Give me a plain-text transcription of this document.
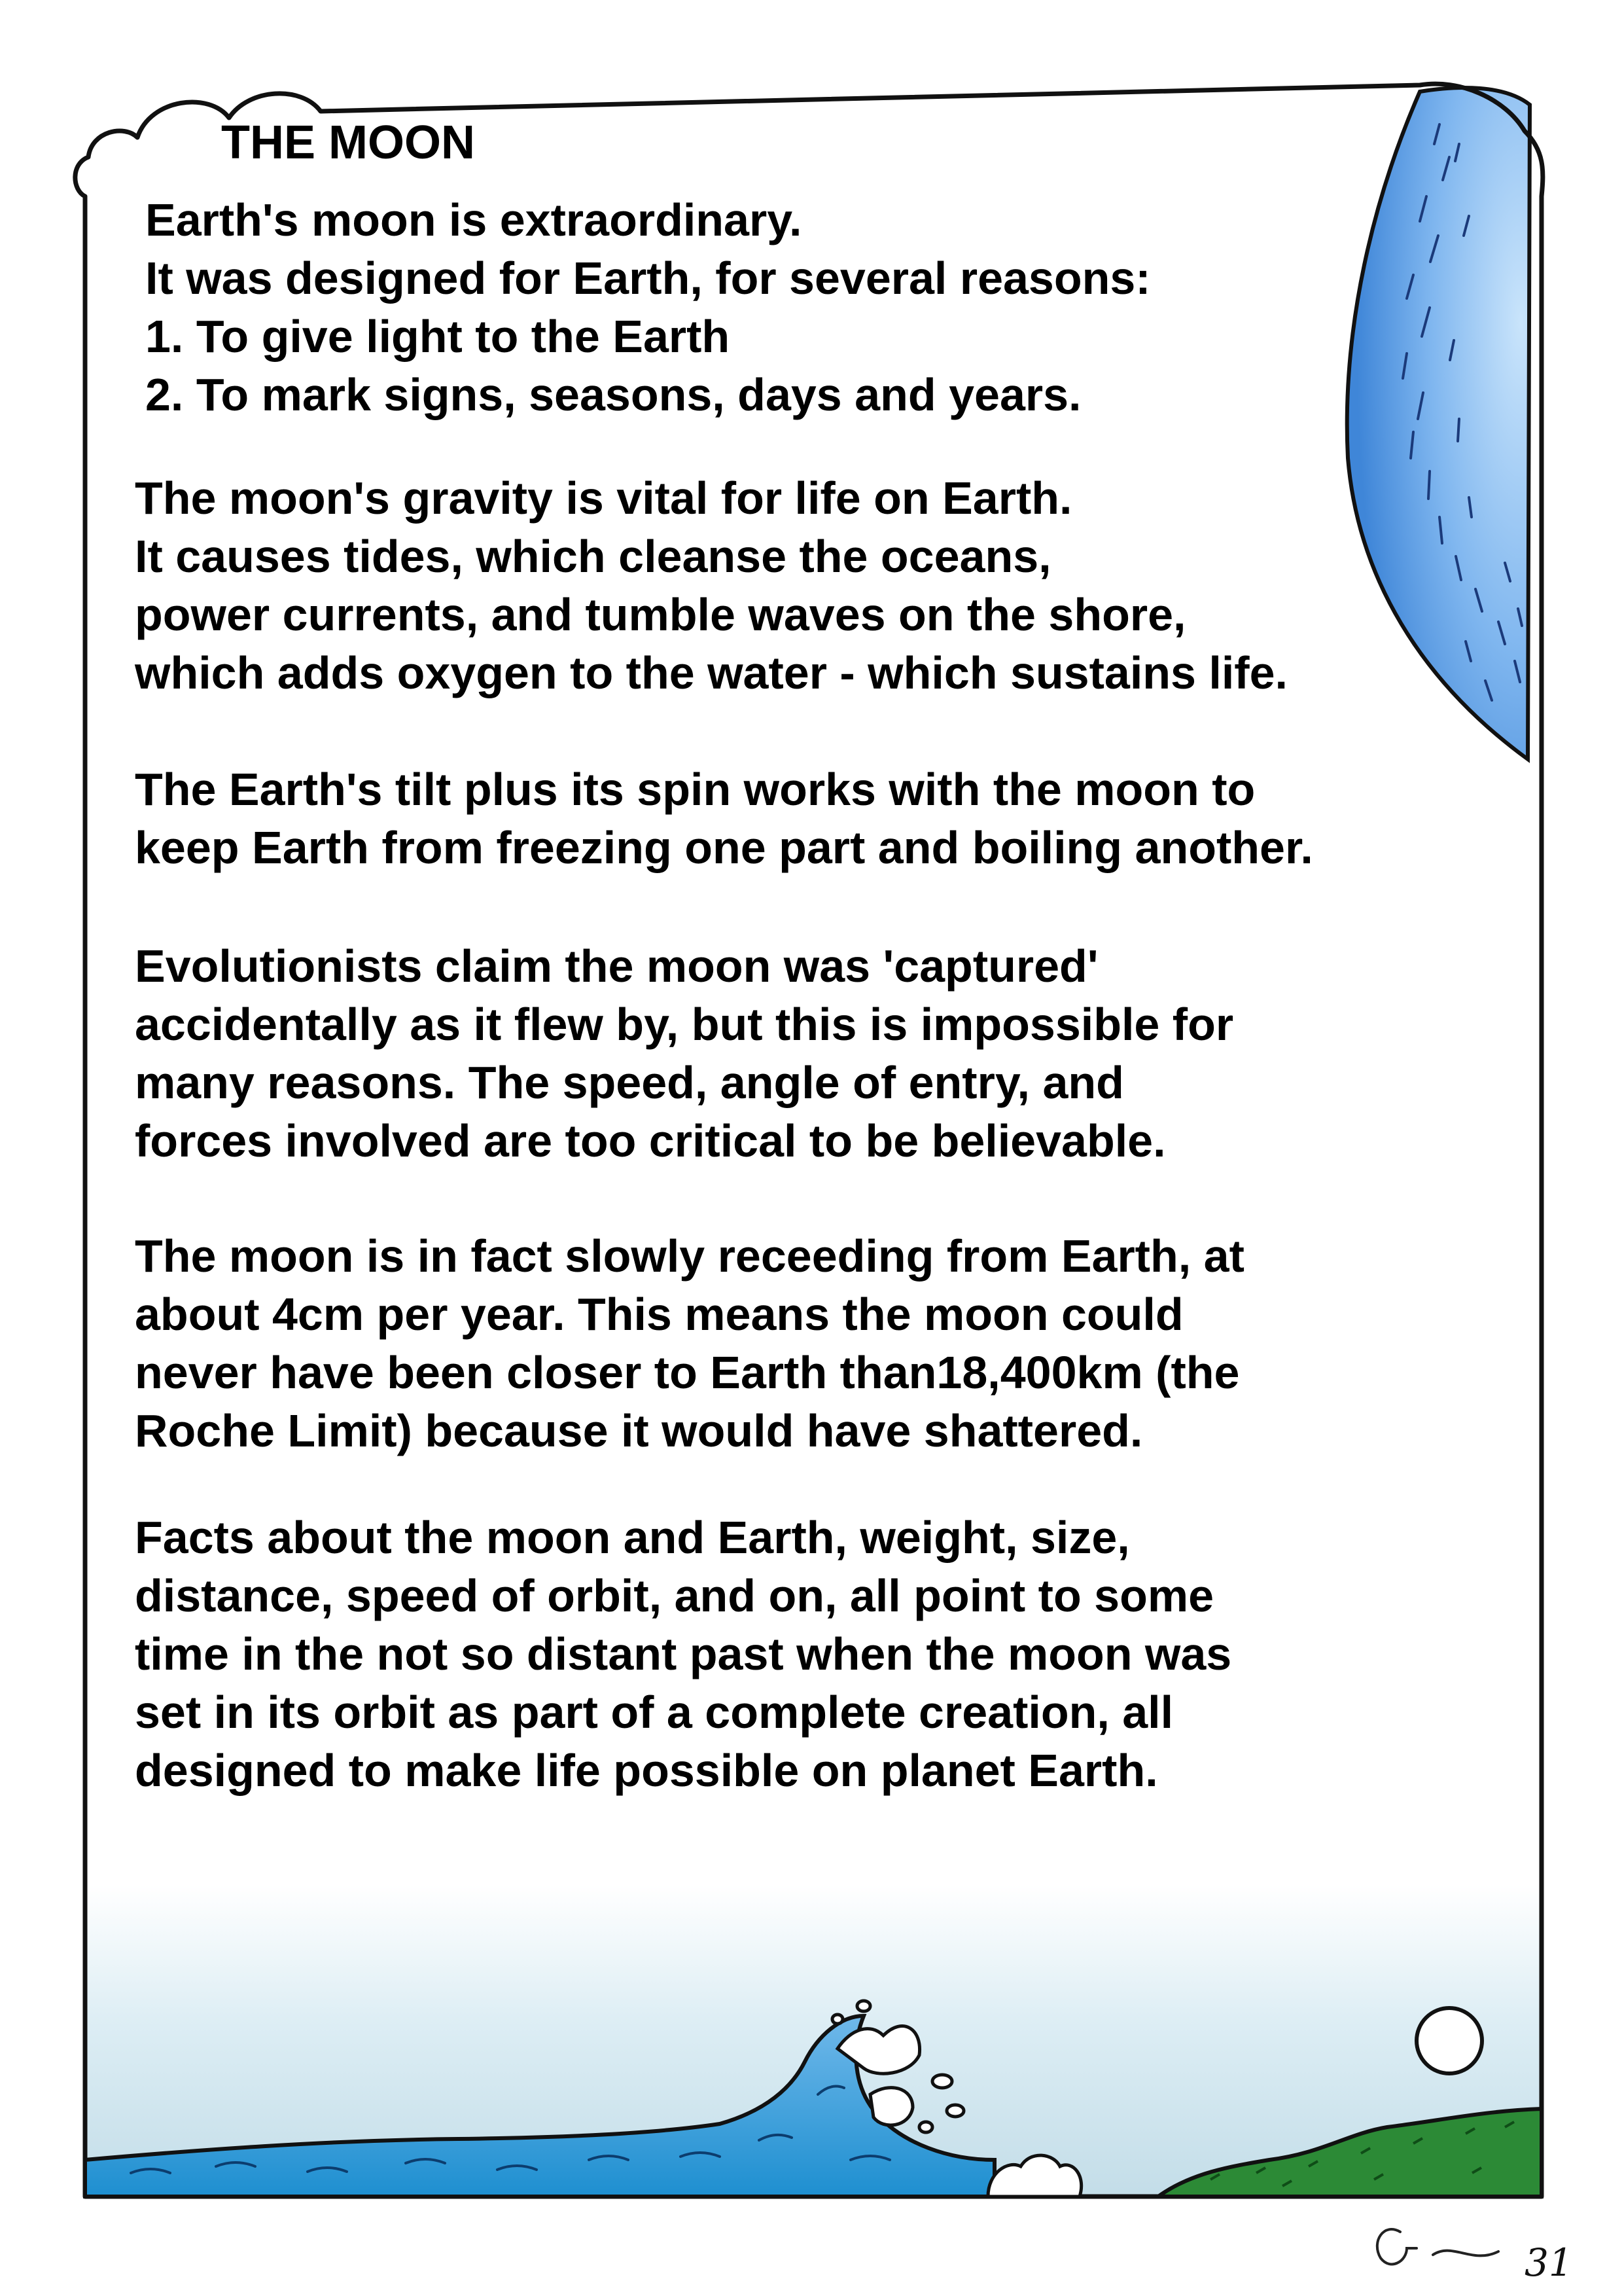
THE MOON

Earth's moon is extraordinary.
It was designed for Earth, for several reasons:
1. To give light to the Earth
2. To mark signs, seasons, days and years.

The moon's gravity is vital for life on Earth.
It causes tides, which cleanse the oceans,
power currents, and tumble waves on the shore,
which adds oxygen to the water - which sustains life.

The Earth's tilt plus its spin works with the moon to
keep Earth from freezing one part and boiling another.

Evolutionists claim the moon was 'captured'
accidentally as it flew by, but this is impossible for
many reasons. The speed, angle of entry, and
forces involved are too critical to be believable.

The moon is in fact slowly receeding from Earth, at
about 4cm per year. This means the moon could
never have been closer to Earth than18,400km (the
Roche Limit) because it would have shattered.

Facts about the moon and Earth, weight, size,
distance, speed of orbit, and on, all point to some
time in the not so distant past when the moon was
set in its orbit as part of a complete creation, all
designed to make life possible on planet Earth.

31
